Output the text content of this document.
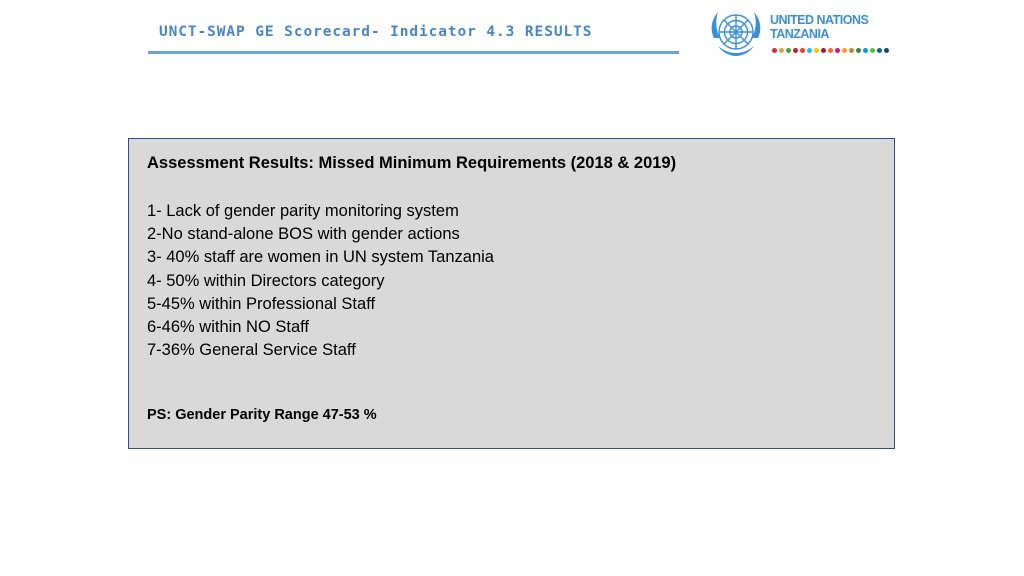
UNCT-SWAP GE Scorecard- Indicator 4.3 RESULTS
UNITED NATIONS
TANZANIA
Assessment Results: Missed Minimum Requirements (2018 & 2019)
1- Lack of gender parity monitoring system
2-No stand-alone BOS with gender actions
3- 40% staff are women in UN system Tanzania
4- 50% within Directors category
5-45% within Professional Staff
6-46% within NO Staff
7-36% General Service Staff
PS: Gender Parity Range 47-53 %
